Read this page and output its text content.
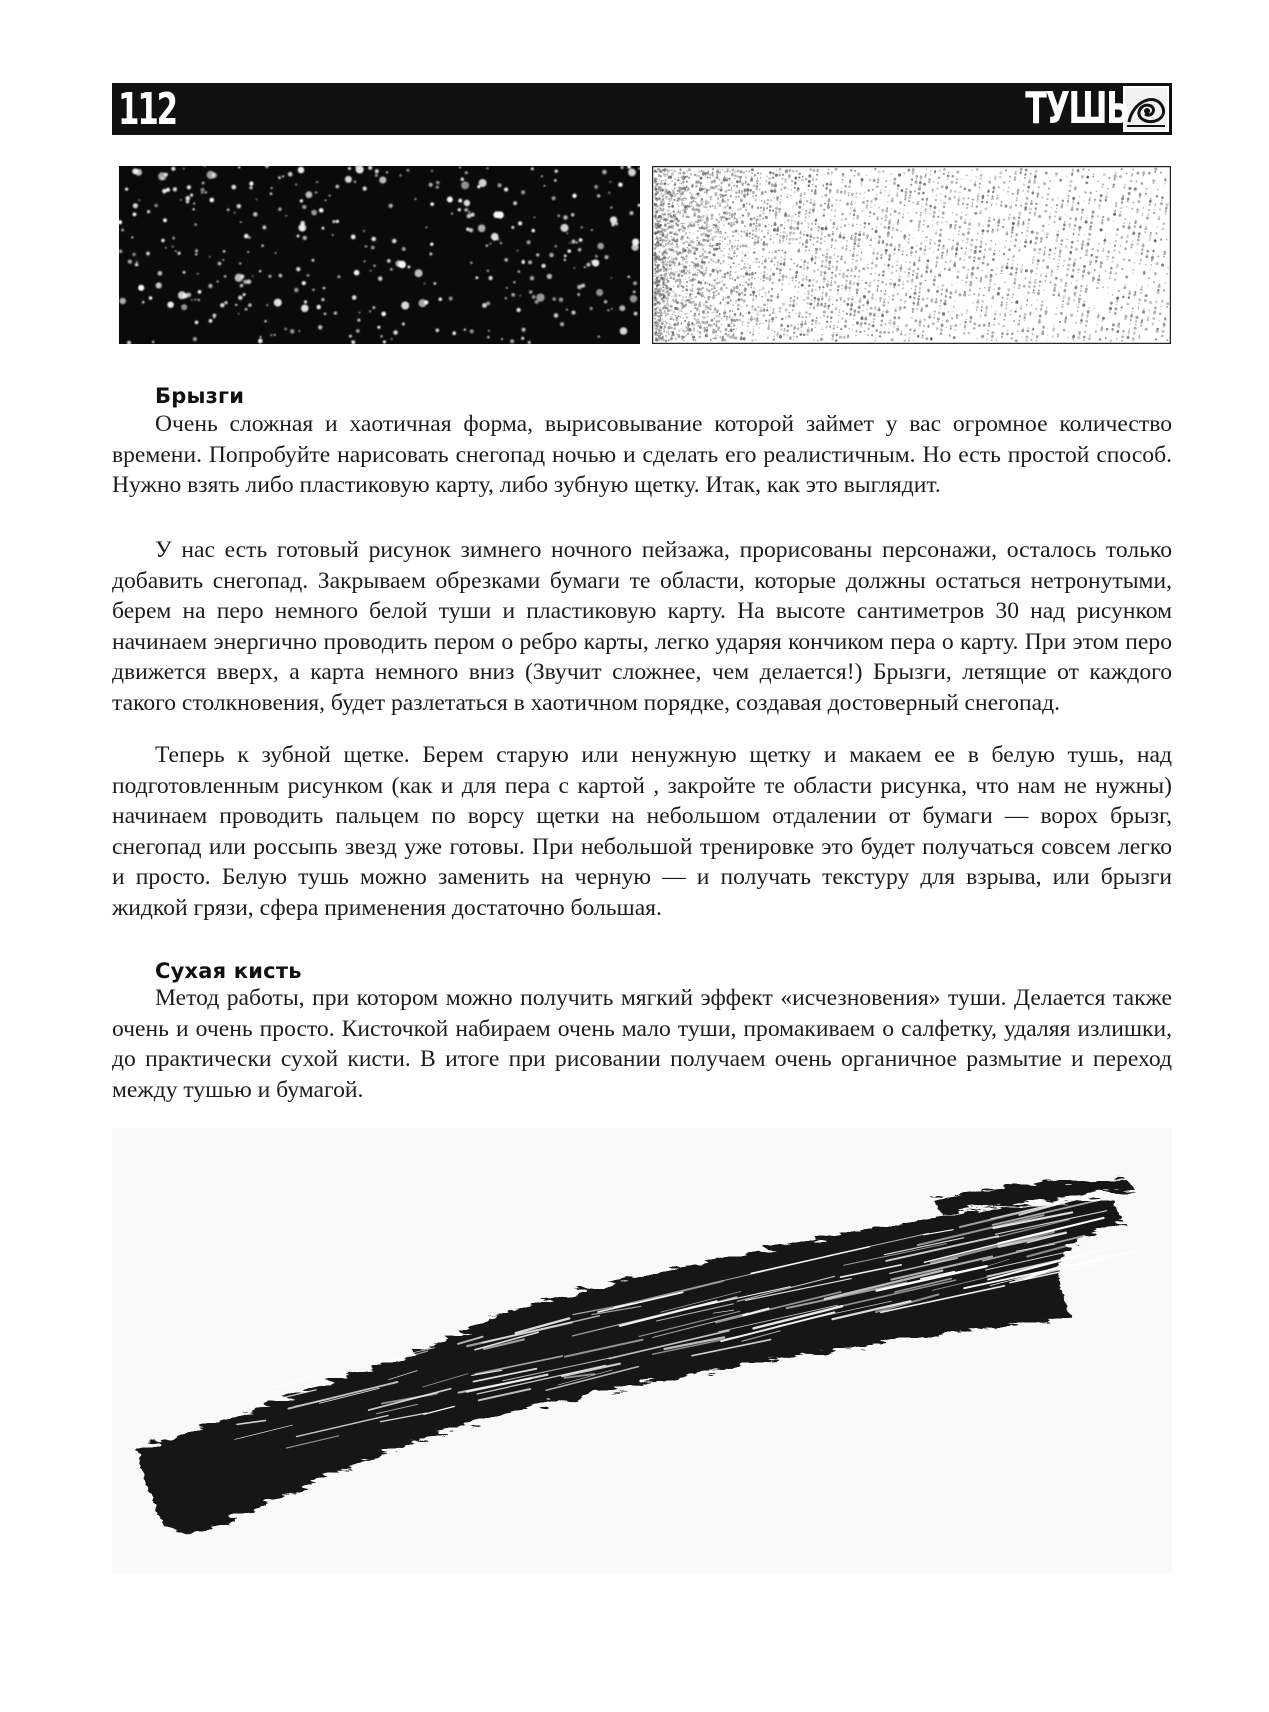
112	ТУШЬ
Брызги

Очень сложная и хаотичная форма, вырисовывание которой займет у вас огромное количество времени. Попробуйте нарисовать снегопад ночью и сделать его реалистичным. Но есть простой способ. Нужно взять либо пластиковую карту, либо зубную щетку. Итак, как это выглядит.

У нас есть готовый рисунок зимнего ночного пейзажа, прорисованы персонажи, осталось только добавить снегопад. Закрываем обрезками бумаги те области, которые должны остаться нетронутыми, берем на перо немного белой туши и пластиковую карту. На высоте сантиметров 30 над рисунком начинаем энергично проводить пером о ребро карты, легко ударяя кончиком пера о карту. При этом перо движется вверх, а карта немного вниз (Звучит сложнее, чем делается!) Брызги, летящие от каждого такого столкновения, будет разлетаться в хаотичном порядке, создавая достоверный снегопад.

Теперь к зубной щетке. Берем старую или ненужную щетку и макаем ее в белую тушь, над подготовленным рисунком (как и для пера с картой , закройте те области рисунка, что нам не нужны) начинаем проводить пальцем по ворсу щетки на небольшом отдалении от бумаги — ворох брызг, снегопад или россыпь звезд уже готовы. При небольшой тренировке это будет получаться совсем легко и просто. Белую тушь можно заменить на черную — и получать текстуру для взрыва, или брызги жидкой грязи, сфера применения достаточно большая.

Сухая кисть

Метод работы, при котором можно получить мягкий эффект «исчезновения» туши. Делается также очень и очень просто. Кисточкой набираем очень мало туши, промакиваем о салфетку, удаляя излишки, до практически сухой кисти. В итоге при рисовании получаем очень органичное размытие и переход между тушью и бумагой.
